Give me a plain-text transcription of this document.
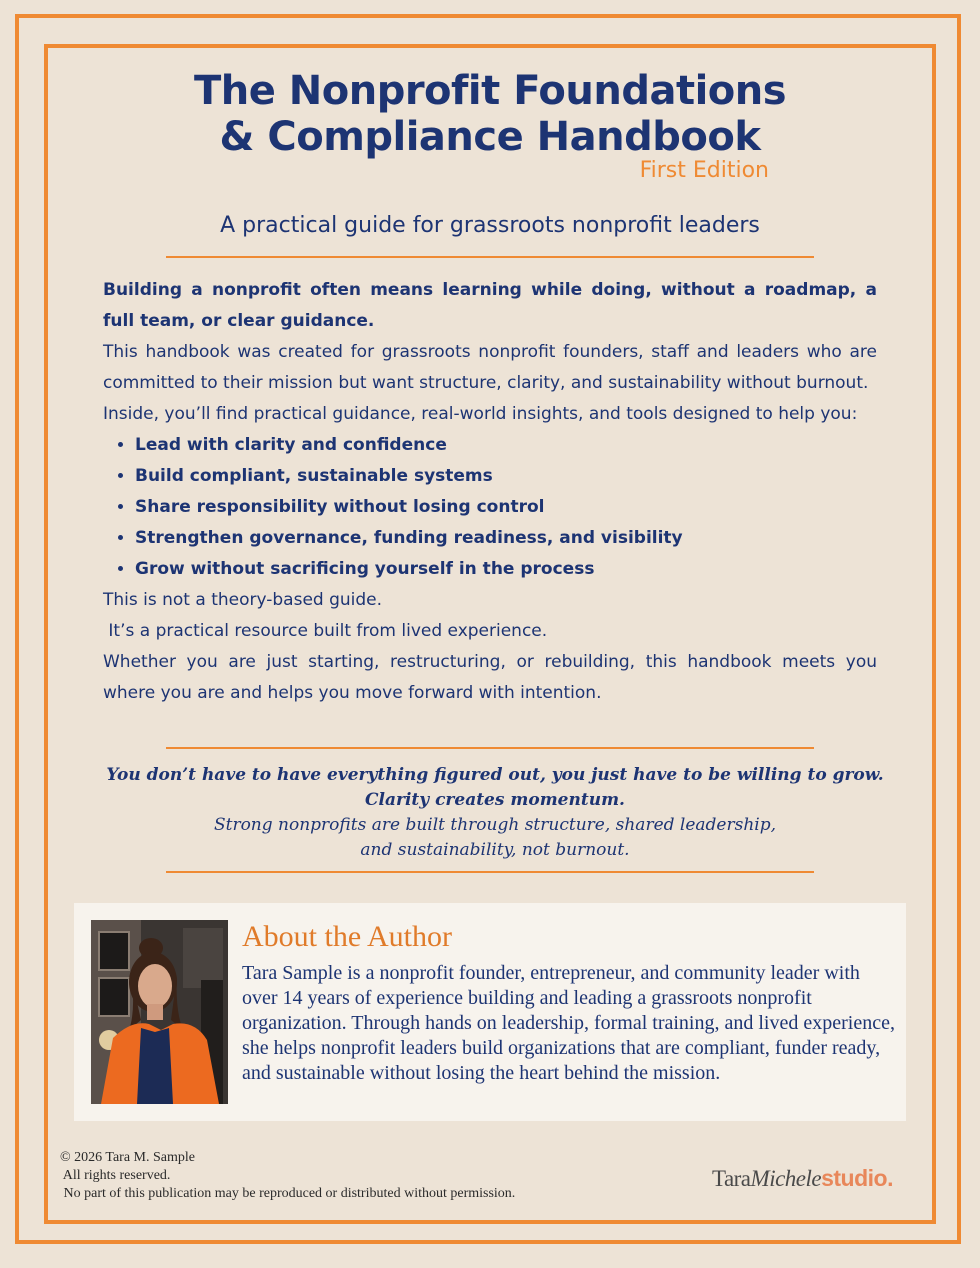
The Nonprofit Foundations
& Compliance Handbook
First Edition
A practical guide for grassroots nonprofit leaders

Building a nonprofit often means learning while doing, without a roadmap, a full team, or clear guidance.

This handbook was created for grassroots nonprofit founders, staff and leaders who are committed to their mission but want structure, clarity, and sustainability without burnout.

Inside, you’ll find practical guidance, real-world insights, and tools designed to help you:

• Lead with clarity and confidence
• Build compliant, sustainable systems
• Share responsibility without losing control
• Strengthen governance, funding readiness, and visibility
• Grow without sacrificing yourself in the process

This is not a theory-based guide.

It’s a practical resource built from lived experience.

Whether you are just starting, restructuring, or rebuilding, this handbook meets you where you are and helps you move forward with intention.

You don’t have to have everything figured out, you just have to be willing to grow. Clarity creates momentum.
Strong nonprofits are built through structure, shared leadership,
and sustainability, not burnout.
About the Author
Tara Sample is a nonprofit founder, entrepreneur, and community leader with over 14 years of experience building and leading a grassroots nonprofit organization. Through hands on leadership, formal training, and lived experience, she helps nonprofit leaders build organizations that are compliant, funder ready, and sustainable without losing the heart behind the mission.
© 2026 Tara M. Sample
All rights reserved.
No part of this publication may be reproduced or distributed without permission.
TaraMichelestudio.
